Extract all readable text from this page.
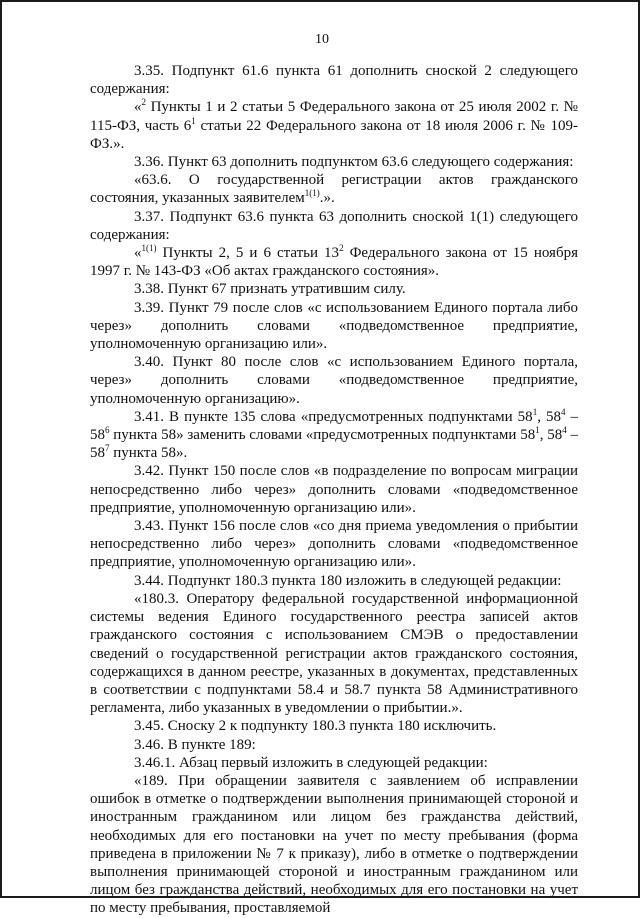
10

3.35. Подпункт 61.6 пункта 61 дополнить сноской 2 следующего содержания:

«$^2$ Пункты 1 и 2 статьи 5 Федерального закона от 25 июля 2002 г. № 115-ФЗ, часть $6^1$ статьи 22 Федерального закона от 18 июля 2006 г. № 109-ФЗ.».

3.36. Пункт 63 дополнить подпунктом 63.6 следующего содержания:

«63.6. О государственной регистрации актов гражданского состояния, указанных заявителем$^{1(1)}$.».

3.37. Подпункт 63.6 пункта 63 дополнить сноской 1(1) следующего содержания:

«$^{1(1)}$ Пункты 2, 5 и 6 статьи $13^2$ Федерального закона от 15 ноября 1997 г. № 143-ФЗ «Об актах гражданского состояния».

3.38. Пункт 67 признать утратившим силу.

3.39. Пункт 79 после слов «с использованием Единого портала либо через» дополнить словами «подведомственное предприятие, уполномоченную организацию или».

3.40. Пункт 80 после слов «с использованием Единого портала, через» дополнить словами «подведомственное предприятие, уполномоченную организацию».

3.41. В пункте 135 слова «предусмотренных подпунктами $58^1$, $58^4 - 58^6$ пункта 58» заменить словами «предусмотренных подпунктами $58^1$, $58^4 - 58^7$ пункта 58».

3.42. Пункт 150 после слов «в подразделение по вопросам миграции непосредственно либо через» дополнить словами «подведомственное предприятие, уполномоченную организацию или».

3.43. Пункт 156 после слов «со дня приема уведомления о прибытии непосредственно либо через» дополнить словами «подведомственное предприятие, уполномоченную организацию или».

3.44. Подпункт 180.3 пункта 180 изложить в следующей редакции:

«180.3. Оператору федеральной государственной информационной системы ведения Единого государственного реестра записей актов гражданского состояния с использованием СМЭВ о предоставлении сведений о государственной регистрации актов гражданского состояния, содержащихся в данном реестре, указанных в документах, представленных в соответствии с подпунктами 58.4 и 58.7 пункта 58 Административного регламента, либо указанных в уведомлении о прибытии.».

3.45. Сноску 2 к подпункту 180.3 пункта 180 исключить.

3.46. В пункте 189:

3.46.1. Абзац первый изложить в следующей редакции:

«189. При обращении заявителя с заявлением об исправлении ошибок в отметке о подтверждении выполнения принимающей стороной и иностранным гражданином или лицом без гражданства действий, необходимых для его постановки на учет по месту пребывания (форма приведена в приложении № 7 к приказу), либо в отметке о подтверждении выполнения принимающей стороной и иностранным гражданином или лицом без гражданства действий, необходимых для его постановки на учет по месту пребывания, проставляемой
